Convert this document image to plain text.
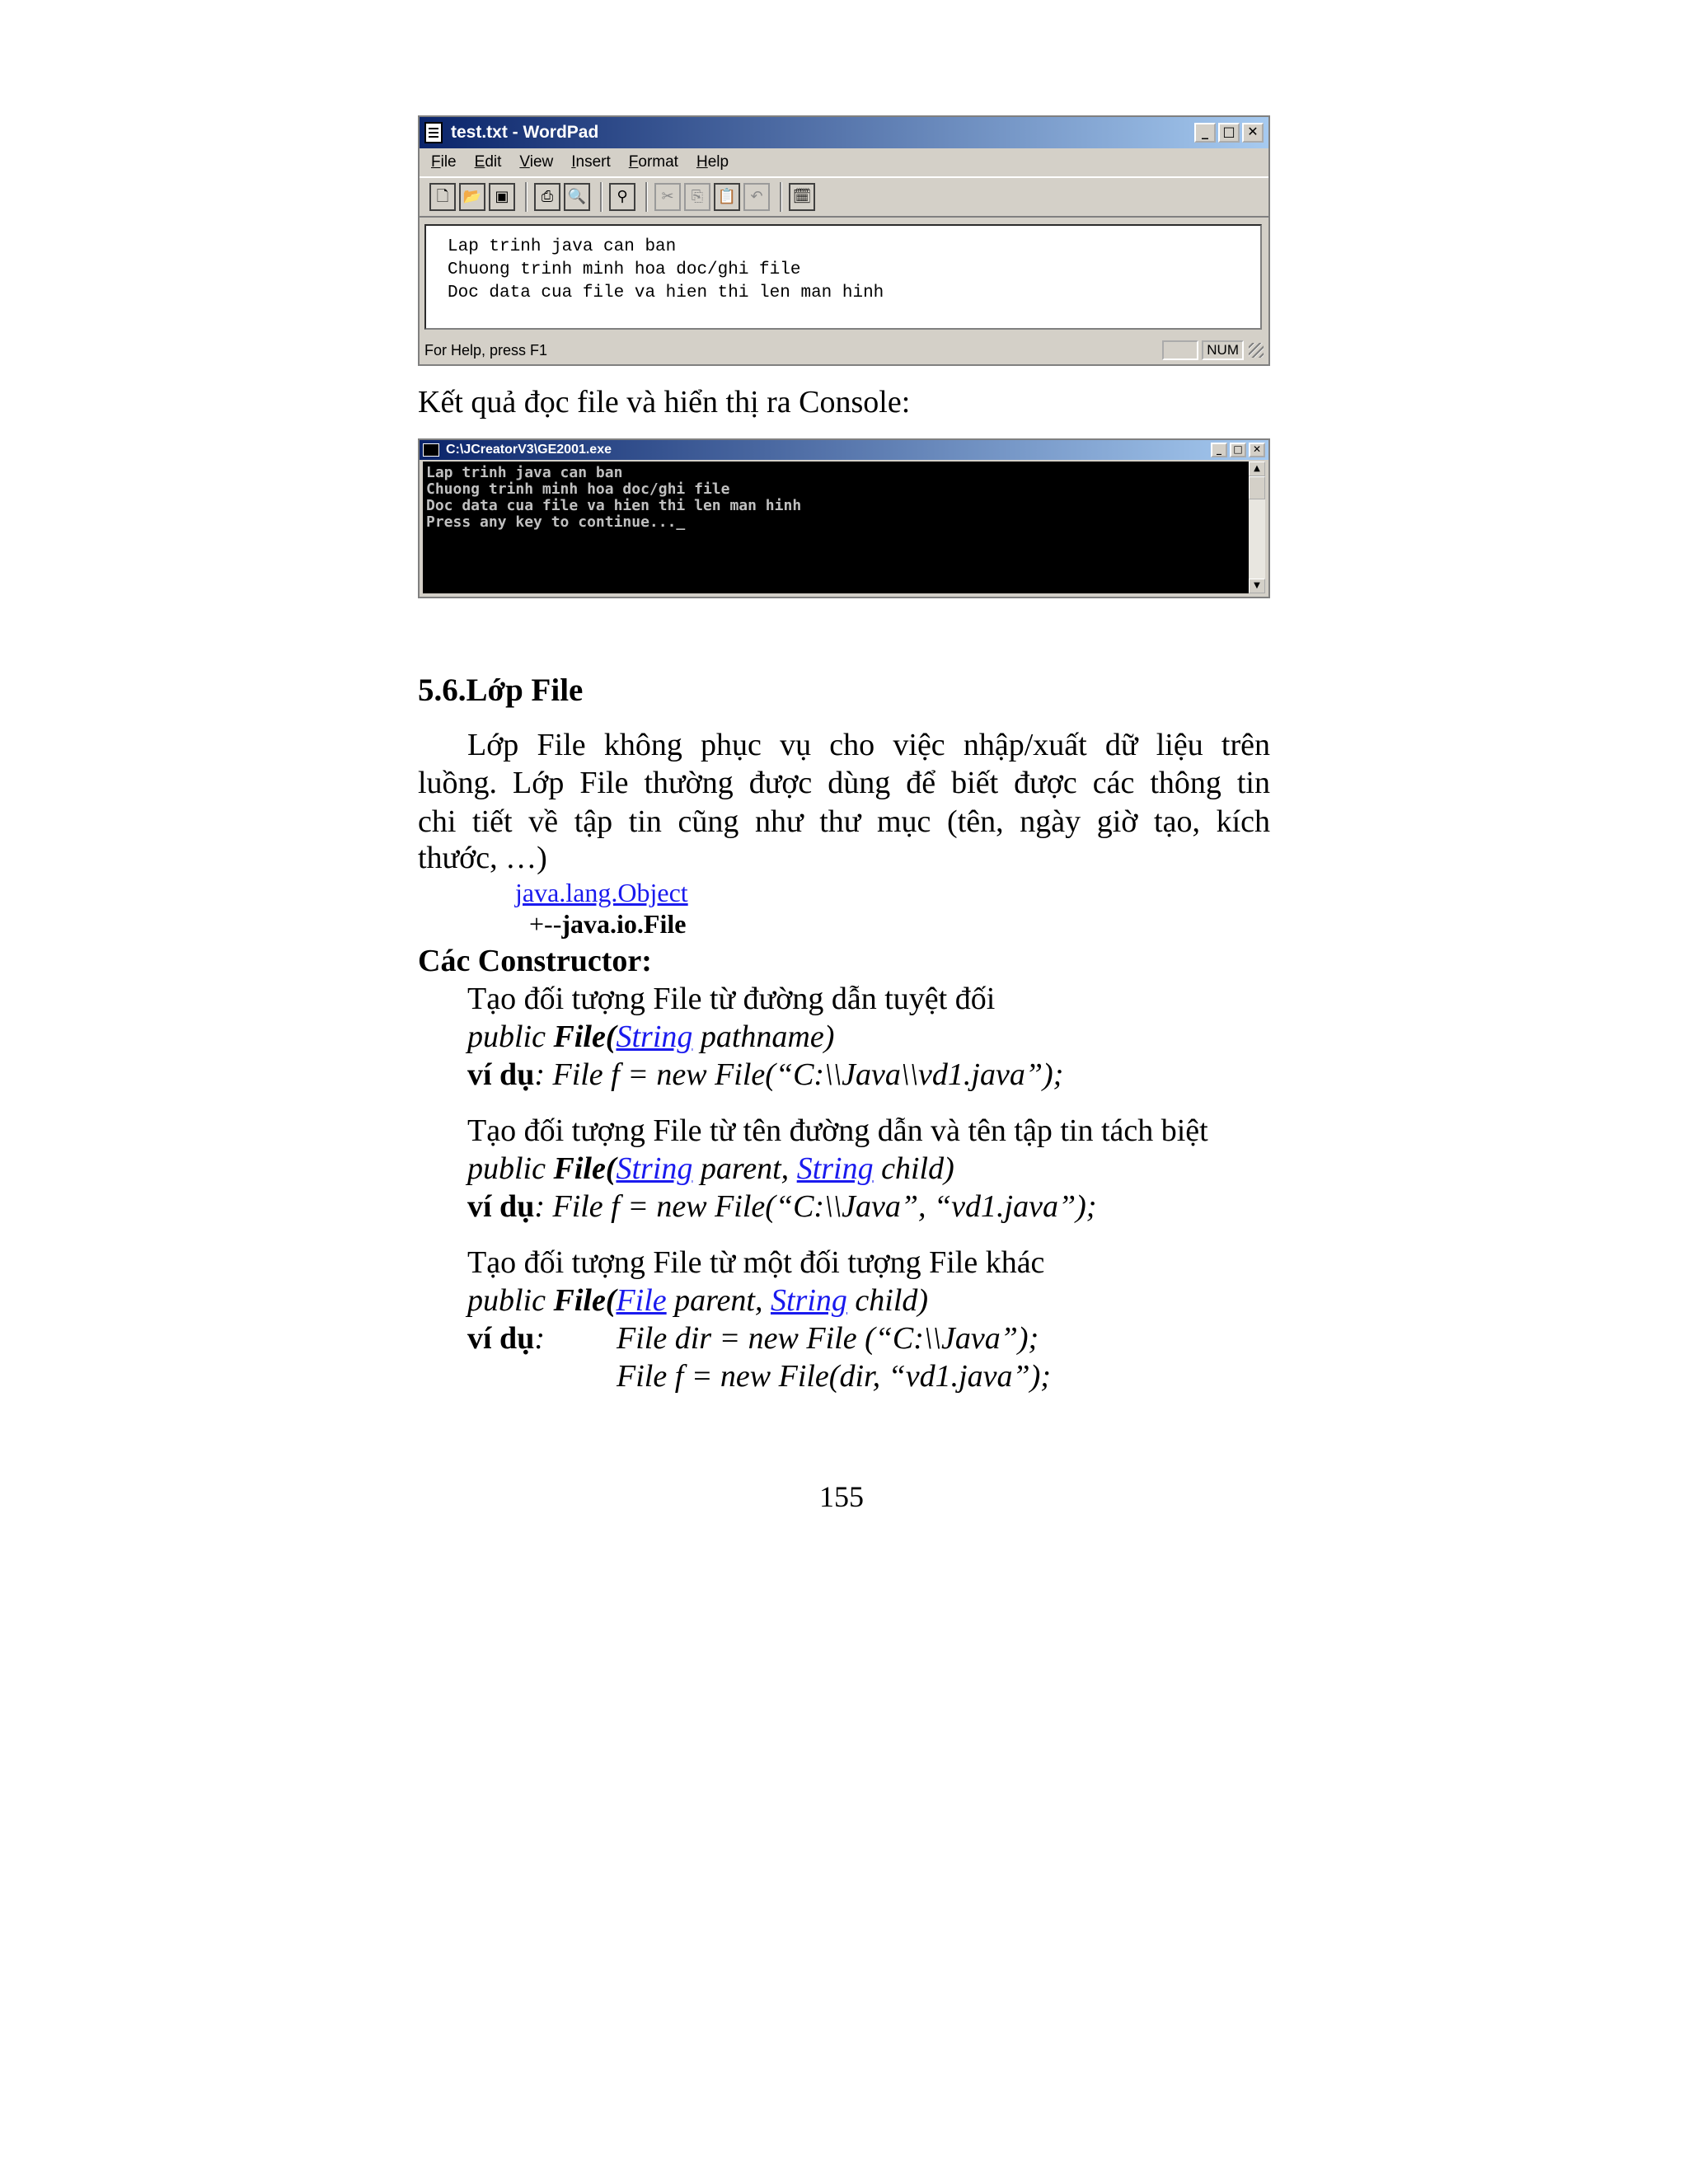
test.txt - WordPad	_	□ ✕
File Edit View Insert Format Help
🗋 📂 ▣	⎙ 🔍	⚲	✂	⎘ 📋 ↶	🗓
Lap trinh java can ban
Chuong trinh minh hoa doc/ghi file
Doc data cua file va hien thi len man hinh
For Help, press F1	NUM
Kết quả đọc file và hiển thị ra Console:
C:\JCreatorV3\GE2001.exe	_	□	✕
Lap trinh java can ban
Chuong trinh minh hoa doc/ghi file
Doc data cua file va hien thi len man hinh
Press any key to continue..._
▲
▼
5.6.Lớp File
Lớp File không phục vụ cho việc nhập/xuất dữ liệu trên
luồng. Lớp File thường được dùng để biết được các thông tin
chi tiết về tập tin cũng như thư mục (tên, ngày giờ tạo, kích
thước, …)
java.lang.Object
+--java.io.File
Các Constructor:
Tạo đối tượng File từ đường dẫn tuyệt đối
public File(String pathname)
ví dụ: File f = new File(“C:\\Java\\vd1.java”);
Tạo đối tượng File từ tên đường dẫn và tên tập tin tách biệt
public File(String parent, String child)
ví dụ: File f = new File(“C:\\Java”, “vd1.java”);
Tạo đối tượng File từ một đối tượng File khác
public File(File parent, String child)
ví dụ: File dir = new File (“C:\\Java”);
File f = new File(dir, “vd1.java”);
155
